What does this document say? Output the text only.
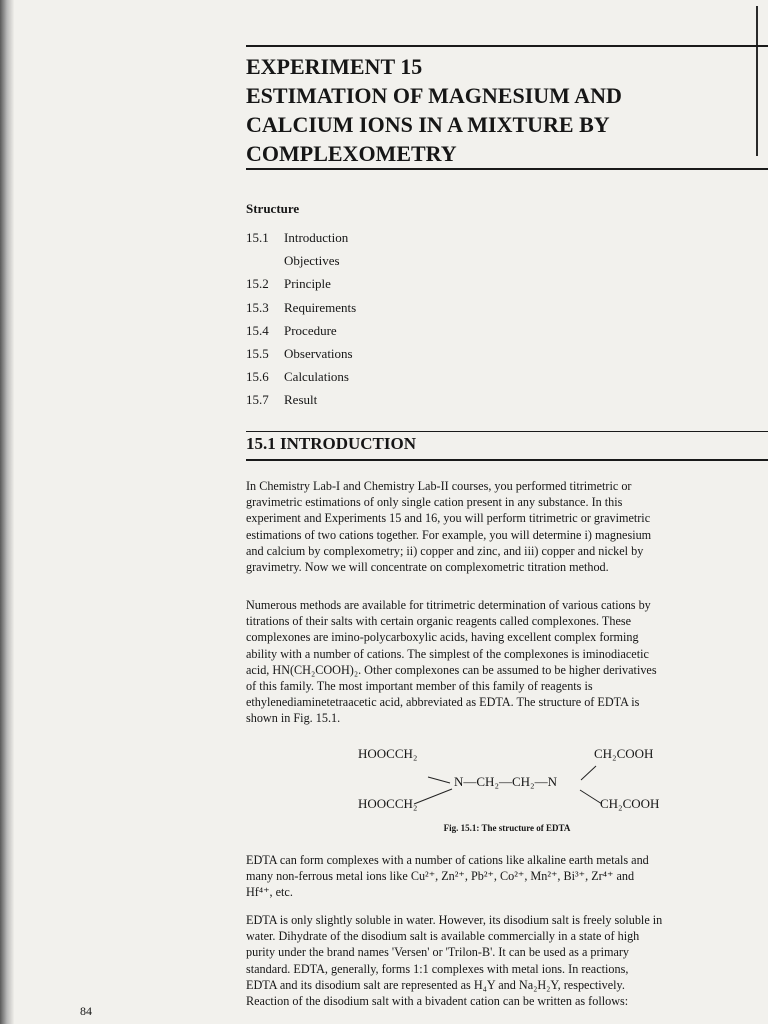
EXPERIMENT 15
ESTIMATION OF MAGNESIUM AND
CALCIUM IONS IN A MIXTURE BY
COMPLEXOMETRY
Structure
15.1	Introduction
Objectives
15.2	Principle
15.3	Requirements
15.4	Procedure
15.5	Observations
15.6	Calculations
15.7	Result
15.1 INTRODUCTION
In Chemistry Lab-I and Chemistry Lab-II courses, you performed titrimetric or
gravimetric estimations of only single cation present in any substance. In this
experiment and Experiments 15 and 16, you will perform titrimetric or gravimetric
estimations of two cations together. For example, you will determine i) magnesium
and calcium by complexometry; ii) copper and zinc, and iii) copper and nickel by
gravimetry. Now we will concentrate on complexometric titration method.
Numerous methods are available for titrimetric determination of various cations by
titrations of their salts with certain organic reagents called complexones. These
complexones are imino-polycarboxylic acids, having excellent complex forming
ability with a number of cations. The simplest of the complexones is iminodiacetic
acid, HN(CH₂COOH)₂. Other complexones can be assumed to be higher derivatives
of this family. The most important member of this family of reagents is
ethylenediaminetetraacetic acid, abbreviated as EDTA. The structure of EDTA is
shown in Fig. 15.1.
HOOCCH₂	CH₂COOH
N—CH₂—CH₂—N
HOOCCH₂	CH₂COOH
Fig. 15.1: The structure of EDTA
EDTA can form complexes with a number of cations like alkaline earth metals and
many non-ferrous metal ions like Cu²⁺, Zn²⁺, Pb²⁺, Co²⁺, Mn²⁺, Bi³⁺, Zr⁴⁺ and
Hf⁴⁺, etc.
EDTA is only slightly soluble in water. However, its disodium salt is freely soluble in
water. Dihydrate of the disodium salt is available commercially in a state of high
purity under the brand names 'Versen' or 'Trilon-B'. It can be used as a primary
standard. EDTA, generally, forms 1:1 complexes with metal ions. In reactions,
EDTA and its disodium salt are represented as H₄Y and Na₂H₂Y, respectively.
Reaction of the disodium salt with a bivadent cation can be written as follows:
84
